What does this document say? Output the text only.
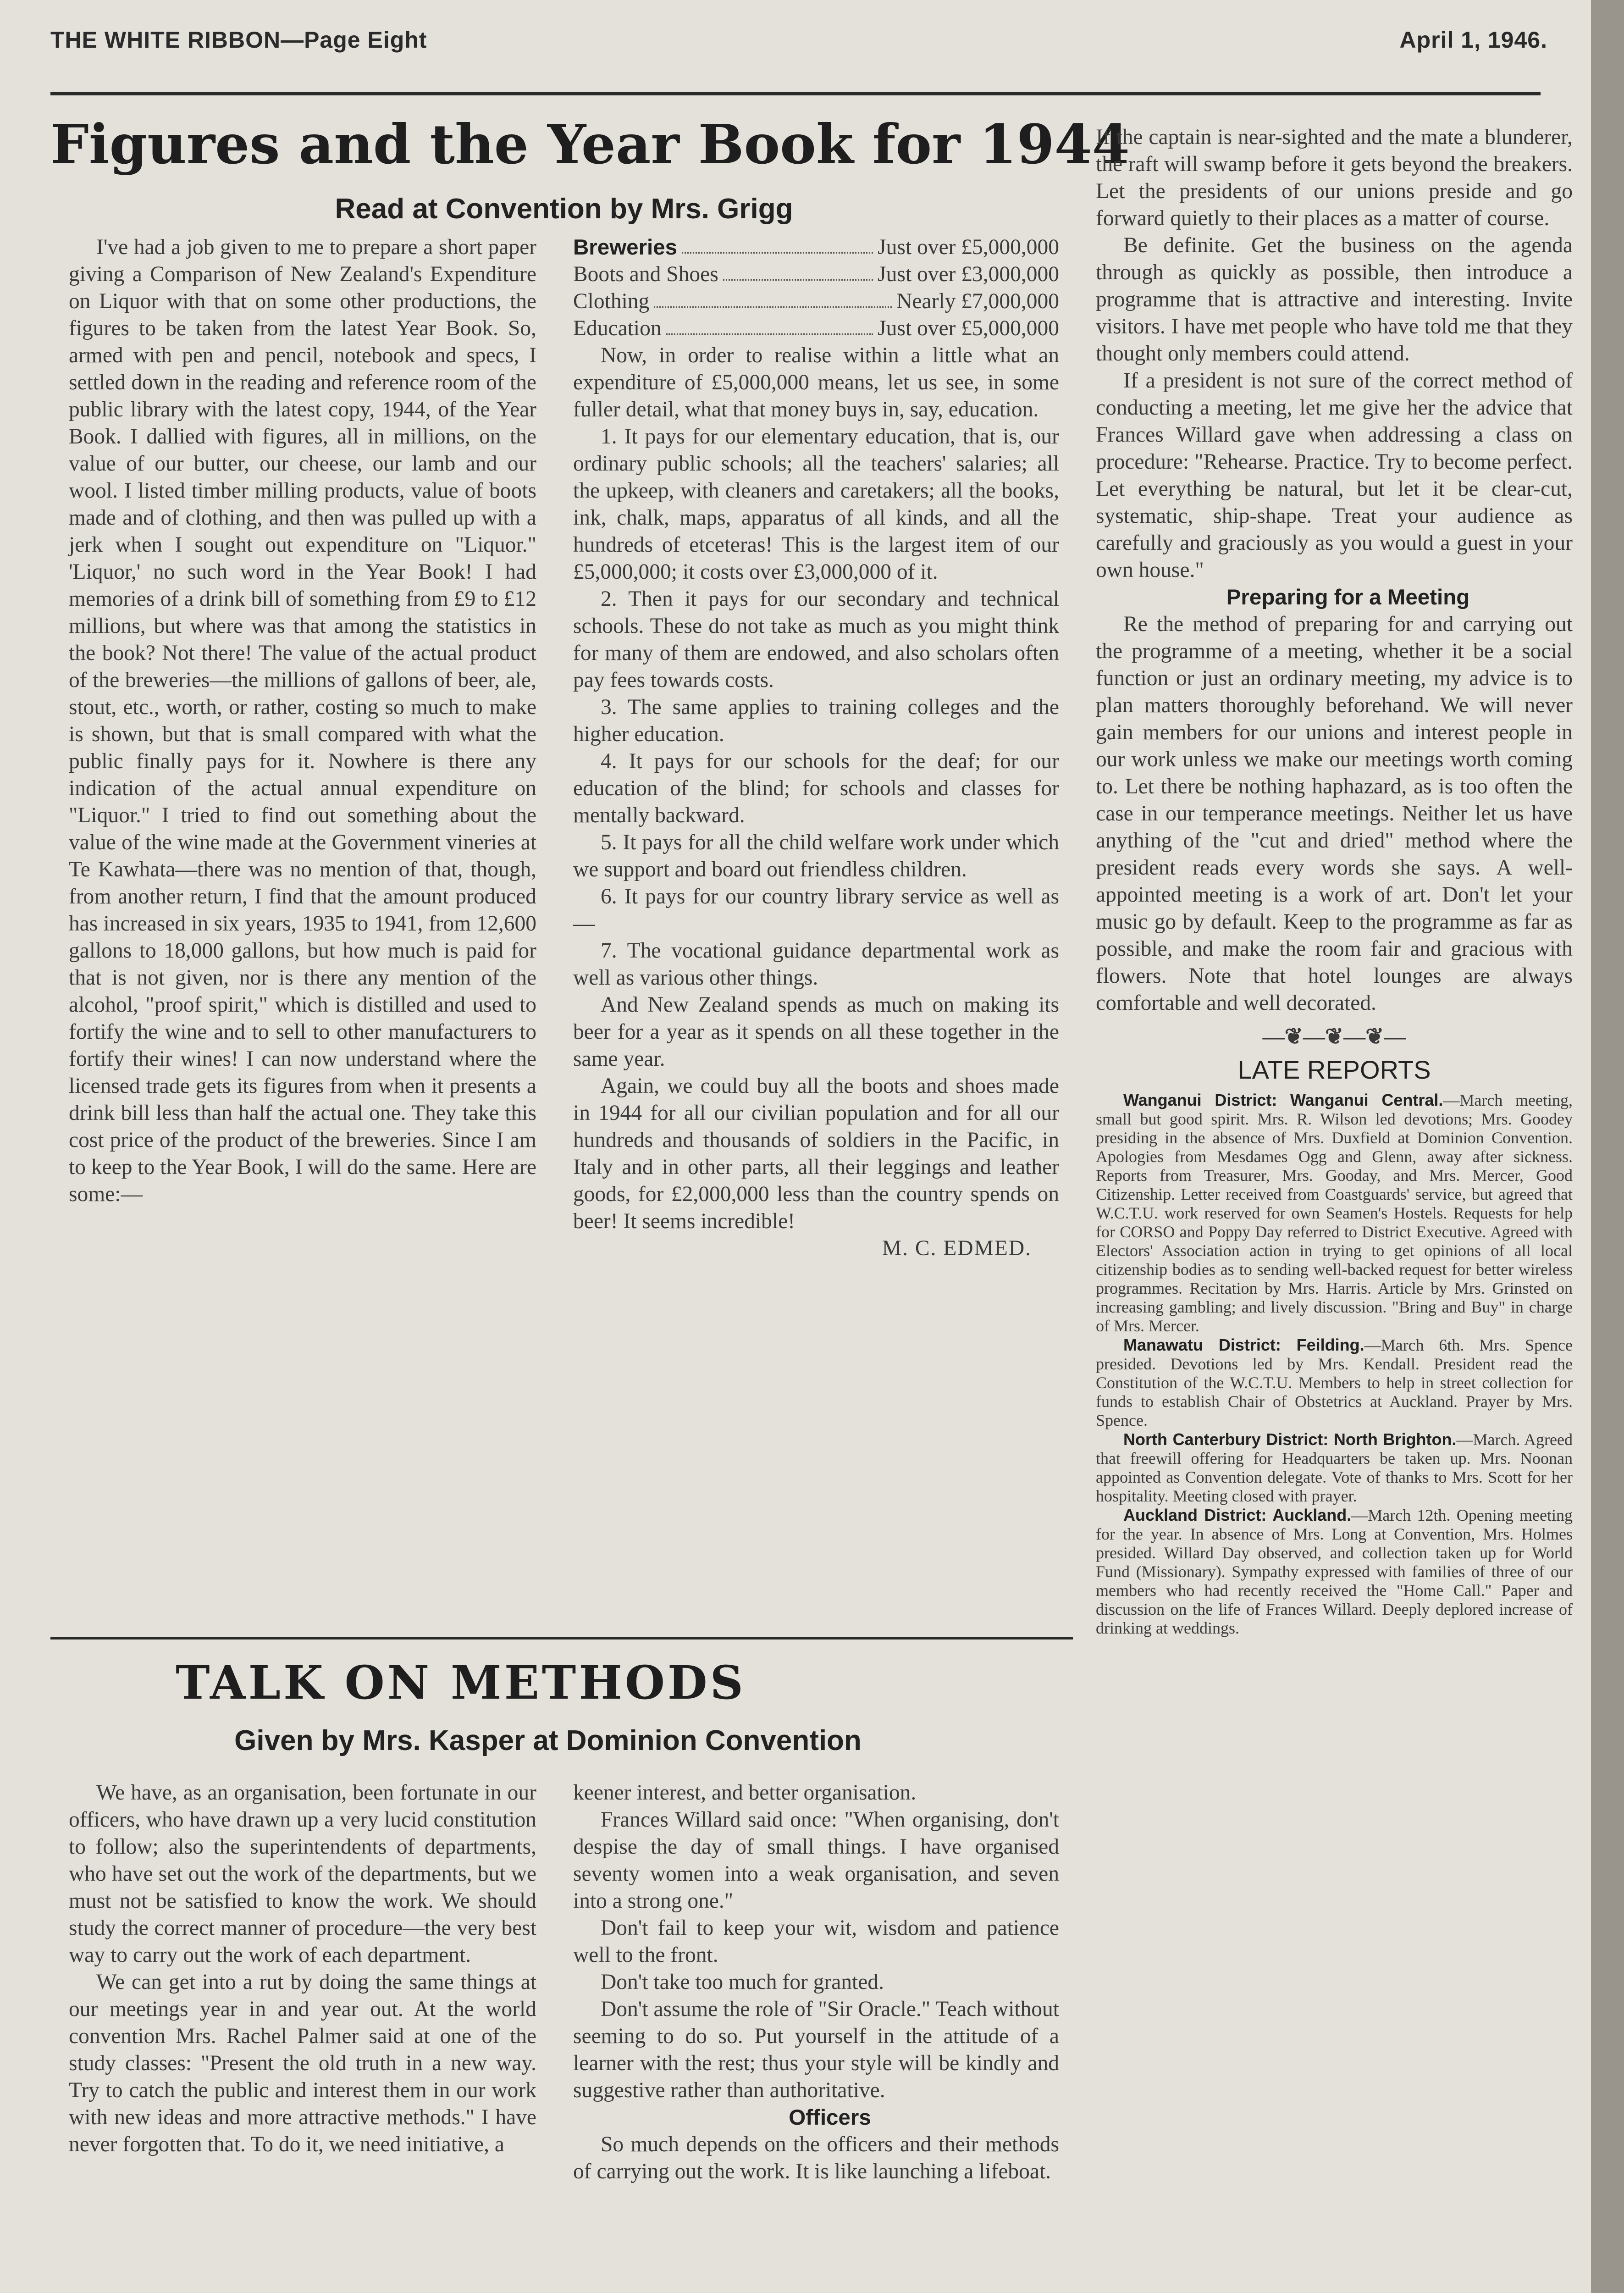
THE WHITE RIBBON—Page Eight	April 1, 1946.
Figures and the Year Book for 1944
Read at Convention by Mrs. Grigg

I've had a job given to me to prepare a short paper giving a Comparison of New Zealand's Expenditure on Liquor with that on some other productions, the figures to be taken from the latest Year Book. So, armed with pen and pencil, notebook and specs, I settled down in the reading and reference room of the public library with the latest copy, 1944, of the Year Book. I dallied with figures, all in millions, on the value of our butter, our cheese, our lamb and our wool. I listed timber milling products, value of boots made and of clothing, and then was pulled up with a jerk when I sought out expenditure on "Liquor." 'Liquor,' no such word in the Year Book! I had memories of a drink bill of something from £9 to £12 millions, but where was that among the statistics in the book? Not there! The value of the actual product of the breweries—the millions of gallons of beer, ale, stout, etc., worth, or rather, costing so much to make is shown, but that is small compared with what the public finally pays for it. Nowhere is there any indication of the actual annual expenditure on "Liquor." I tried to find out something about the value of the wine made at the Government vineries at Te Kawhata—there was no mention of that, though, from another return, I find that the amount produced has increased in six years, 1935 to 1941, from 12,600 gallons to 18,000 gallons, but how much is paid for that is not given, nor is there any mention of the alcohol, "proof spirit," which is distilled and used to fortify the wine and to sell to other manufacturers to fortify their wines! I can now understand where the licensed trade gets its figures from when it presents a drink bill less than half the actual one. They take this cost price of the product of the breweries. Since I am to keep to the Year Book, I will do the same. Here are some:—

Breweries	Just over £5,000,000
Boots and Shoes	Just over £3,000,000
Clothing	Nearly £7,000,000
Education	Just over £5,000,000

Now, in order to realise within a little what an expenditure of £5,000,000 means, let us see, in some fuller detail, what that money buys in, say, education.

1. It pays for our elementary education, that is, our ordinary public schools; all the teachers' salaries; all the upkeep, with cleaners and caretakers; all the books, ink, chalk, maps, apparatus of all kinds, and all the hundreds of etceteras! This is the largest item of our £5,000,000; it costs over £3,000,000 of it.

2. Then it pays for our secondary and technical schools. These do not take as much as you might think for many of them are endowed, and also scholars often pay fees towards costs.

3. The same applies to training colleges and the higher education.

4. It pays for our schools for the deaf; for our education of the blind; for schools and classes for mentally backward.

5. It pays for all the child welfare work under which we support and board out friendless children.

6. It pays for our country library service as well as—

7. The vocational guidance departmental work as well as various other things.

And New Zealand spends as much on making its beer for a year as it spends on all these together in the same year.

Again, we could buy all the boots and shoes made in 1944 for all our civilian population and for all our hundreds and thousands of soldiers in the Pacific, in Italy and in other parts, all their leggings and leather goods, for £2,000,000 less than the country spends on beer! It seems incredible!

M. C. EDMED.

If the captain is near-sighted and the mate a blunderer, the raft will swamp before it gets beyond the breakers. Let the presidents of our unions preside and go forward quietly to their places as a matter of course.

Be definite. Get the business on the agenda through as quickly as possible, then introduce a programme that is attractive and interesting. Invite visitors. I have met people who have told me that they thought only members could attend.

If a president is not sure of the correct method of conducting a meeting, let me give her the advice that Frances Willard gave when addressing a class on procedure: "Rehearse. Practice. Try to become perfect. Let everything be natural, but let it be clear-cut, systematic, ship-shape. Treat your audience as carefully and graciously as you would a guest in your own house."

Preparing for a Meeting

Re the method of preparing for and carrying out the programme of a meeting, whether it be a social function or just an ordinary meeting, my advice is to plan matters thoroughly beforehand. We will never gain members for our unions and interest people in our work unless we make our meetings worth coming to. Let there be nothing haphazard, as is too often the case in our temperance meetings. Neither let us have anything of the "cut and dried" method where the president reads every words she says. A well-appointed meeting is a work of art. Don't let your music go by default. Keep to the programme as far as possible, and make the room fair and gracious with flowers. Note that hotel lounges are always comfortable and well decorated.

—❦—❦—❦—
LATE REPORTS

Wanganui District: Wanganui Central.—March meeting, small but good spirit. Mrs. R. Wilson led devotions; Mrs. Goodey presiding in the absence of Mrs. Duxfield at Dominion Convention. Apologies from Mesdames Ogg and Glenn, away after sickness. Reports from Treasurer, Mrs. Gooday, and Mrs. Mercer, Good Citizenship. Letter received from Coastguards' service, but agreed that W.C.T.U. work reserved for own Seamen's Hostels. Requests for help for CORSO and Poppy Day referred to District Executive. Agreed with Electors' Association action in trying to get opinions of all local citizenship bodies as to sending well-backed request for better wireless programmes. Recitation by Mrs. Harris. Article by Mrs. Grinsted on increasing gambling; and lively discussion. "Bring and Buy" in charge of Mrs. Mercer.

Manawatu District: Feilding.—March 6th. Mrs. Spence presided. Devotions led by Mrs. Kendall. President read the Constitution of the W.C.T.U. Members to help in street collection for funds to establish Chair of Obstetrics at Auckland. Prayer by Mrs. Spence.

North Canterbury District: North Brighton.—March. Agreed that freewill offering for Headquarters be taken up. Mrs. Noonan appointed as Convention delegate. Vote of thanks to Mrs. Scott for her hospitality. Meeting closed with prayer.

Auckland District: Auckland.—March 12th. Opening meeting for the year. In absence of Mrs. Long at Convention, Mrs. Holmes presided. Willard Day observed, and collection taken up for World Fund (Missionary). Sympathy expressed with families of three of our members who had recently received the "Home Call." Paper and discussion on the life of Frances Willard. Deeply deplored increase of drinking at weddings.

TALK ON METHODS
Given by Mrs. Kasper at Dominion Convention

We have, as an organisation, been fortunate in our officers, who have drawn up a very lucid constitution to follow; also the superintendents of departments, who have set out the work of the departments, but we must not be satisfied to know the work. We should study the correct manner of procedure—the very best way to carry out the work of each department.

We can get into a rut by doing the same things at our meetings year in and year out. At the world convention Mrs. Rachel Palmer said at one of the study classes: "Present the old truth in a new way. Try to catch the public and interest them in our work with new ideas and more attractive methods." I have never forgotten that. To do it, we need initiative, a

keener interest, and better organisation.

Frances Willard said once: "When organising, don't despise the day of small things. I have organised seventy women into a weak organisation, and seven into a strong one."

Don't fail to keep your wit, wisdom and patience well to the front.

Don't take too much for granted.

Don't assume the role of "Sir Oracle." Teach without seeming to do so. Put yourself in the attitude of a learner with the rest; thus your style will be kindly and suggestive rather than authoritative.

Officers

So much depends on the officers and their methods of carrying out the work. It is like launching a lifeboat.
